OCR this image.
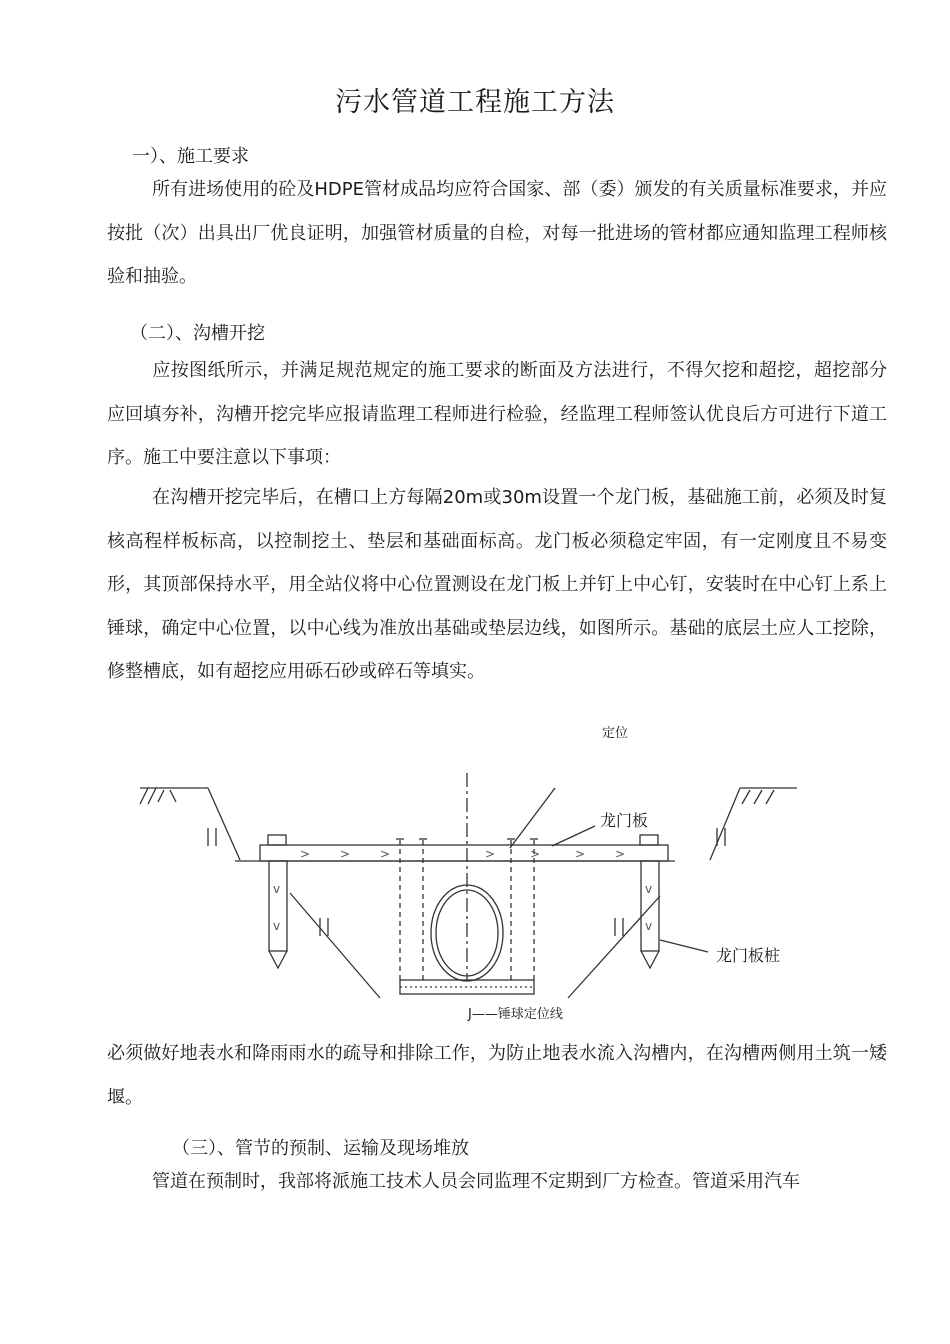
污水管道工程施工方法
一）、施工要求
所有进场使用的砼及HDPE管材成品均应符合国家、部（委）颁发的有关质量标准要求，并应按批（次）出具出厂优良证明，加强管材质量的自检，对每一批进场的管材都应通知监理工程师核验和抽验。
（二）、沟槽开挖
应按图纸所示，并满足规范规定的施工要求的断面及方法进行，不得欠挖和超挖，超挖部分应回填夯补，沟槽开挖完毕应报请监理工程师进行检验，经监理工程师签认优良后方可进行下道工序。施工中要注意以下事项：
在沟槽开挖完毕后，在槽口上方每隔20m或30m设置一个龙门板，基础施工前，必须及时复核高程样板标高，以控制挖土、垫层和基础面标高。龙门板必须稳定牢固，有一定刚度且不易变形，其顶部保持水平，用全站仪将中心位置测设在龙门板上并钉上中心钉，安装时在中心钉上系上锤球，确定中心位置，以中心线为准放出基础或垫层边线，如图所示。基础的底层土应人工挖除，修整槽底，如有超挖应用砾石砂或碎石等填实。
> > >	>	>	> >
v
v
v
v
定位
龙门板
龙门板桩
J——锤球定位线
必须做好地表水和降雨雨水的疏导和排除工作，为防止地表水流入沟槽内，在沟槽两侧用土筑一矮堰。
（三）、管节的预制、运输及现场堆放
管道在预制时，我部将派施工技术人员会同监理不定期到厂方检查。管道采用汽车
